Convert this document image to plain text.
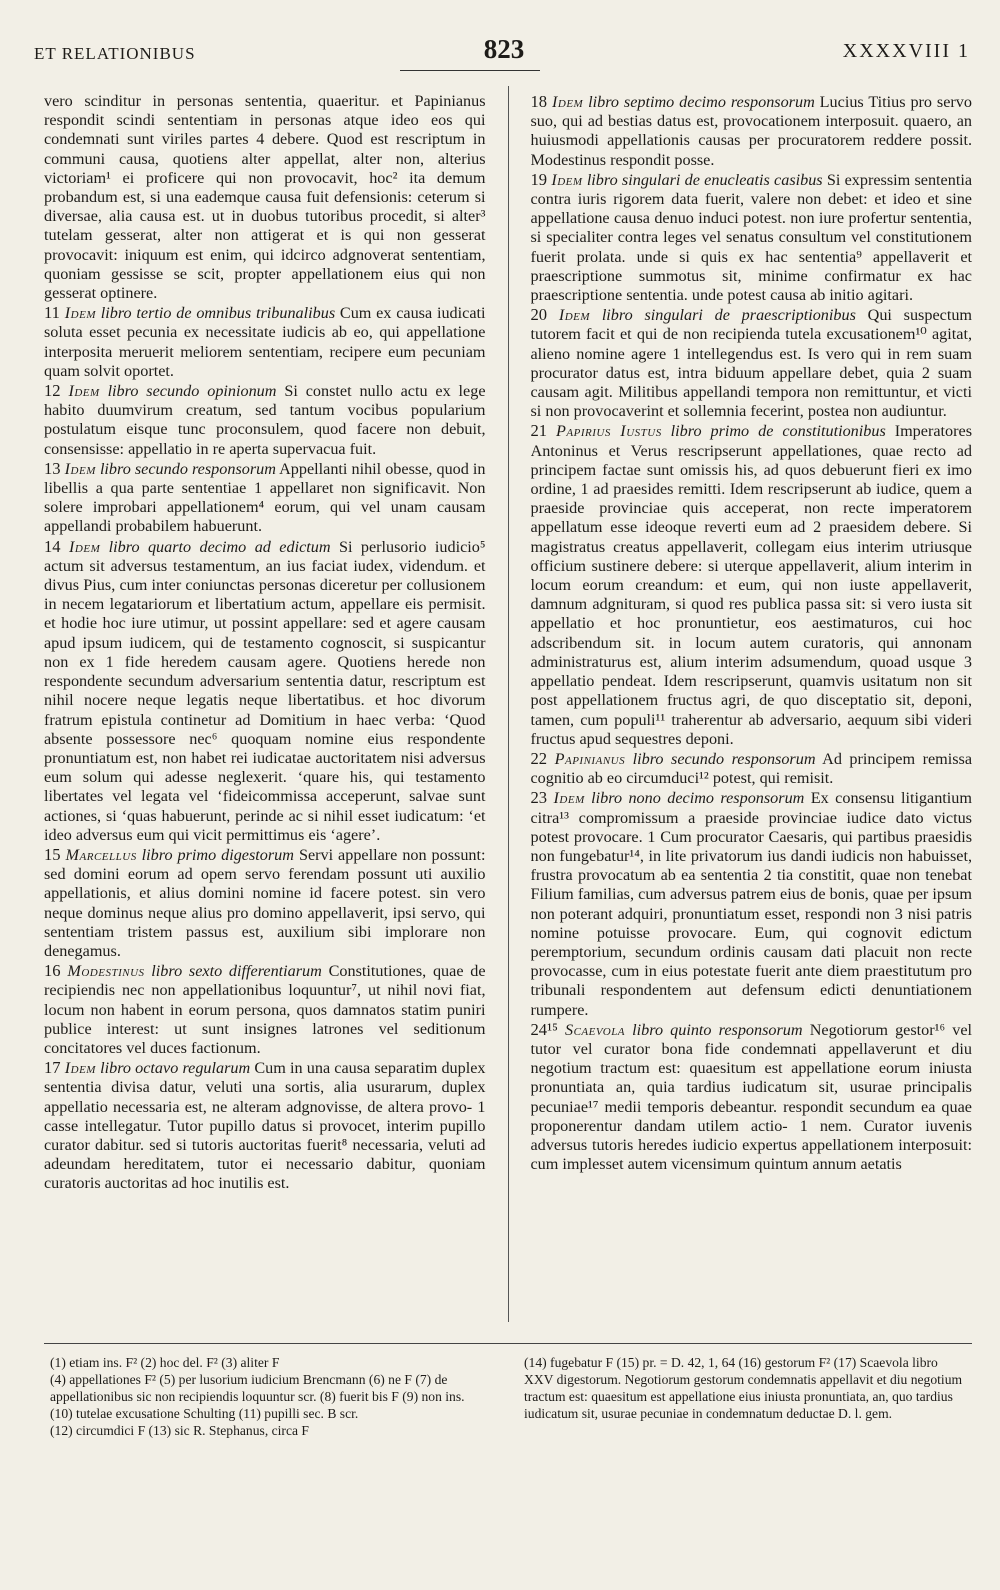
ET RELATIONIBUS	823	XXXXVIII 1

vero scinditur in personas sententia, quaeritur. et Papinianus respondit scindi sententiam in personas atque ideo eos qui condemnati sunt viriles partes 4 debere. Quod est rescriptum in communi causa, quotiens alter appellat, alter non, alterius victoriam¹ ei proficere qui non provocavit, hoc² ita demum probandum est, si una eademque causa fuit defensionis: ceterum si diversae, alia causa est. ut in duobus tutoribus procedit, si alter³ tutelam gesserat, alter non attigerat et is qui non gesserat provocavit: iniquum est enim, qui idcirco adgnoverat sententiam, quoniam gessisse se scit, propter appellationem eius qui non gesserat optinere.

11 Idem libro tertio de omnibus tribunalibus Cum ex causa iudicati soluta esset pecunia ex necessitate iudicis ab eo, qui appellatione interposita meruerit meliorem sententiam, recipere eum pecuniam quam solvit oportet.

12 Idem libro secundo opinionum Si constet nullo actu ex lege habito duumvirum creatum, sed tantum vocibus popularium postulatum eisque tunc proconsulem, quod facere non debuit, consensisse: appellatio in re aperta supervacua fuit.

13 Idem libro secundo responsorum Appellanti nihil obesse, quod in libellis a qua parte sententiae 1 appellaret non significavit. Non solere improbari appellationem⁴ eorum, qui vel unam causam appellandi probabilem habuerunt.

14 Idem libro quarto decimo ad edictum Si perlusorio iudicio⁵ actum sit adversus testamentum, an ius faciat iudex, videndum. et divus Pius, cum inter coniunctas personas diceretur per collusionem in necem legatariorum et libertatium actum, appellare eis permisit. et hodie hoc iure utimur, ut possint appellare: sed et agere causam apud ipsum iudicem, qui de testamento cognoscit, si suspicantur non ex 1 fide heredem causam agere. Quotiens herede non respondente secundum adversarium sententia datur, rescriptum est nihil nocere neque legatis neque libertatibus. et hoc divorum fratrum epistula continetur ad Domitium in haec verba: ‘Quod absente possessore nec⁶ quoquam nomine eius respondente pronuntiatum est, non habet rei iudicatae auctoritatem nisi adversus eum solum qui adesse neglexerit. ‘quare his, qui testamento libertates vel legata vel ‘fideicommissa acceperunt, salvae sunt actiones, si ‘quas habuerunt, perinde ac si nihil esset iudicatum: ‘et ideo adversus eum qui vicit permittimus eis ‘agere’.

15 Marcellus libro primo digestorum Servi appellare non possunt: sed domini eorum ad opem servo ferendam possunt uti auxilio appellationis, et alius domini nomine id facere potest. sin vero neque dominus neque alius pro domino appellaverit, ipsi servo, qui sententiam tristem passus est, auxilium sibi implorare non denegamus.

16 Modestinus libro sexto differentiarum Constitutiones, quae de recipiendis nec non appellationibus loquuntur⁷, ut nihil novi fiat, locum non habent in eorum persona, quos damnatos statim puniri publice interest: ut sunt insignes latrones vel seditionum concitatores vel duces factionum.

17 Idem libro octavo regularum Cum in una causa separatim duplex sententia divisa datur, veluti una sortis, alia usurarum, duplex appellatio necessaria est, ne alteram adgnovisse, de altera provo- 1 casse intellegatur. Tutor pupillo datus si provocet, interim pupillo curator dabitur. sed si tutoris auctoritas fuerit⁸ necessaria, veluti ad adeundam hereditatem, tutor ei necessario dabitur, quoniam curatoris auctoritas ad hoc inutilis est.

18 Idem libro septimo decimo responsorum Lucius Titius pro servo suo, qui ad bestias datus est, provocationem interposuit. quaero, an huiusmodi appellationis causas per procuratorem reddere possit. Modestinus respondit posse.

19 Idem libro singulari de enucleatis casibus Si expressim sententia contra iuris rigorem data fuerit, valere non debet: et ideo et sine appellatione causa denuo induci potest. non iure profertur sententia, si specialiter contra leges vel senatus consultum vel constitutionem fuerit prolata. unde si quis ex hac sententia⁹ appellaverit et praescriptione summotus sit, minime confirmatur ex hac praescriptione sententia. unde potest causa ab initio agitari.

20 Idem libro singulari de praescriptionibus Qui suspectum tutorem facit et qui de non recipienda tutela excusationem¹⁰ agitat, alieno nomine agere 1 intellegendus est. Is vero qui in rem suam procurator datus est, intra biduum appellare debet, quia 2 suam causam agit. Militibus appellandi tempora non remittuntur, et victi si non provocaverint et sollemnia fecerint, postea non audiuntur.

21 Papirius Iustus libro primo de constitutionibus Imperatores Antoninus et Verus rescripserunt appellationes, quae recto ad principem factae sunt omissis his, ad quos debuerunt fieri ex imo ordine, 1 ad praesides remitti. Idem rescripserunt ab iudice, quem a praeside provinciae quis acceperat, non recte imperatorem appellatum esse ideoque reverti eum ad 2 praesidem debere. Si magistratus creatus appellaverit, collegam eius interim utriusque officium sustinere debere: si uterque appellaverit, alium interim in locum eorum creandum: et eum, qui non iuste appellaverit, damnum adgnituram, si quod res publica passa sit: si vero iusta sit appellatio et hoc pronuntietur, eos aestimaturos, cui hoc adscribendum sit. in locum autem curatoris, qui annonam administraturus est, alium interim adsumendum, quoad usque 3 appellatio pendeat. Idem rescripserunt, quamvis usitatum non sit post appellationem fructus agri, de quo disceptatio sit, deponi, tamen, cum populi¹¹ traherentur ab adversario, aequum sibi videri fructus apud sequestres deponi.

22 Papinianus libro secundo responsorum Ad principem remissa cognitio ab eo circumduci¹² potest, qui remisit.

23 Idem libro nono decimo responsorum Ex consensu litigantium citra¹³ compromissum a praeside provinciae iudice dato victus potest provocare. 1 Cum procurator Caesaris, qui partibus praesidis non fungebatur¹⁴, in lite privatorum ius dandi iudicis non habuisset, frustra provocatum ab ea sententia 2 tia constitit, quae non tenebat Filium familias, cum adversus patrem eius de bonis, quae per ipsum non poterant adquiri, pronuntiatum esset, respondi non 3 nisi patris nomine potuisse provocare. Eum, qui cognovit edictum peremptorium, secundum ordinis causam dati placuit non recte provocasse, cum in eius potestate fuerit ante diem praestitutum pro tribunali respondentem aut defensum edicti denuntiationem rumpere.

24¹⁵ Scaevola libro quinto responsorum Negotiorum gestor¹⁶ vel tutor vel curator bona fide condemnati appellaverunt et diu negotium tractum est: quaesitum est appellatione eorum iniusta pronuntiata an, quia tardius iudicatum sit, usurae principalis pecuniae¹⁷ medii temporis debeantur. respondit secundum ea quae proponerentur dandam utilem actio- 1 nem. Curator iuvenis adversus tutoris heredes iudicio expertus appellationem interposuit: cum implesset autem vicensimum quintum annum aetatis

(1) etiam ins. F² (2) hoc del. F² (3) aliter F

(4) appellationes F² (5) per lusorium iudicium Brencmann (6) ne F (7) de appellationibus sic non recipiendis loquuntur scr. (8) fuerit bis F (9) non ins.

(10) tutelae excusatione Schulting (11) pupilli sec. B scr.

(12) circumdici F (13) sic R. Stephanus, circa F

(14) fugebatur F (15) pr. = D. 42, 1, 64 (16) gestorum F² (17) Scaevola libro XXV digestorum. Negotiorum gestorum condemnatis appellavit et diu negotium tractum est: quaesitum est appellatione eius iniusta pronuntiata, an, quo tardius iudicatum sit, usurae pecuniae in condemnatum deductae D. l. gem.
